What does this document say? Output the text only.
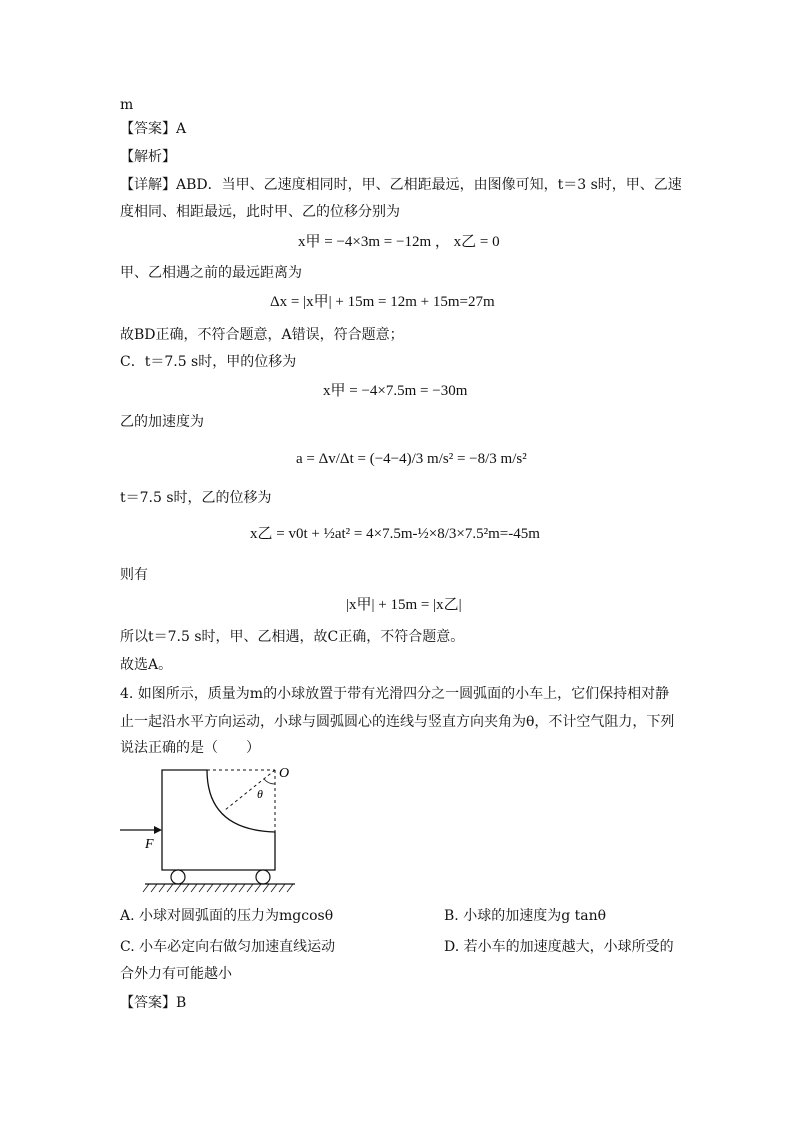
m
【答案】A
【解析】
【详解】ABD．当甲、乙速度相同时，甲、乙相距最远，由图像可知，t＝3 s时，甲、乙速
度相同、相距最远，此时甲、乙的位移分别为
x甲 = −4×3m = −12m ， x乙 = 0
甲、乙相遇之前的最远距离为
Δx = |x甲| + 15m = 12m + 15m=27m
故BD正确，不符合题意，A错误，符合题意；
C．t＝7.5 s时，甲的位移为
x甲 = −4×7.5m = −30m
乙的加速度为
a = Δv/Δt = (−4−4)/3 m/s² = −8/3 m/s²
t＝7.5 s时，乙的位移为
x乙 = v0t + ½at² = 4×7.5m-½×8/3×7.5²m=-45m
则有
|x甲| + 15m = |x乙|
所以t＝7.5 s时，甲、乙相遇，故C正确，不符合题意。
故选A。
4. 如图所示，质量为m的小球放置于带有光滑四分之一圆弧面的小车上，它们保持相对静
止一起沿水平方向运动，小球与圆弧圆心的连线与竖直方向夹角为θ，不计空气阻力，下列
说法正确的是（　　）
θ
O
F
A. 小球对圆弧面的压力为mgcosθ	B. 小球的加速度为g tanθ
C. 小车必定向右做匀加速直线运动	D. 若小车的加速度越大，小球所受的
合外力有可能越小
【答案】B
